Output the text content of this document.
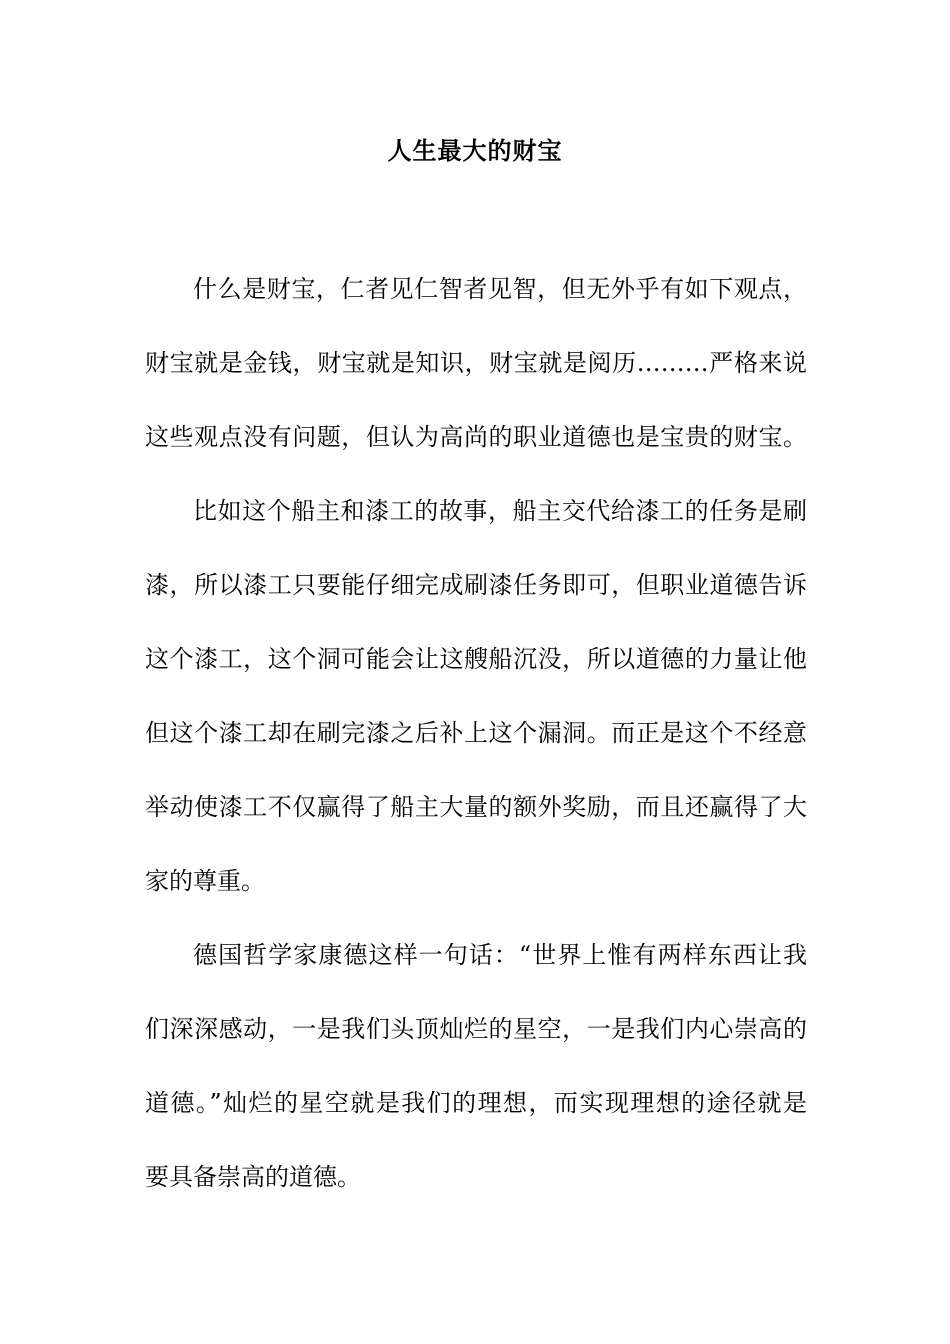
人生最大的财宝
什么是财宝，仁者见仁智者见智，但无外乎有如下观点，
财宝就是金钱，财宝就是知识，财宝就是阅历………严格来说
这些观点没有问题，但认为高尚的职业道德也是宝贵的财宝。
比如这个船主和漆工的故事，船主交代给漆工的任务是刷
漆，所以漆工只要能仔细完成刷漆任务即可，但职业道德告诉
这个漆工，这个洞可能会让这艘船沉没，所以道德的力量让他
但这个漆工却在刷完漆之后补上这个漏洞。而正是这个不经意
举动使漆工不仅赢得了船主大量的额外奖励，而且还赢得了大
家的尊重。
德国哲学家康德这样一句话：“世界上惟有两样东西让我
们深深感动，一是我们头顶灿烂的星空，一是我们内心崇高的
道德。”灿烂的星空就是我们的理想，而实现理想的途径就是
要具备崇高的道德。
